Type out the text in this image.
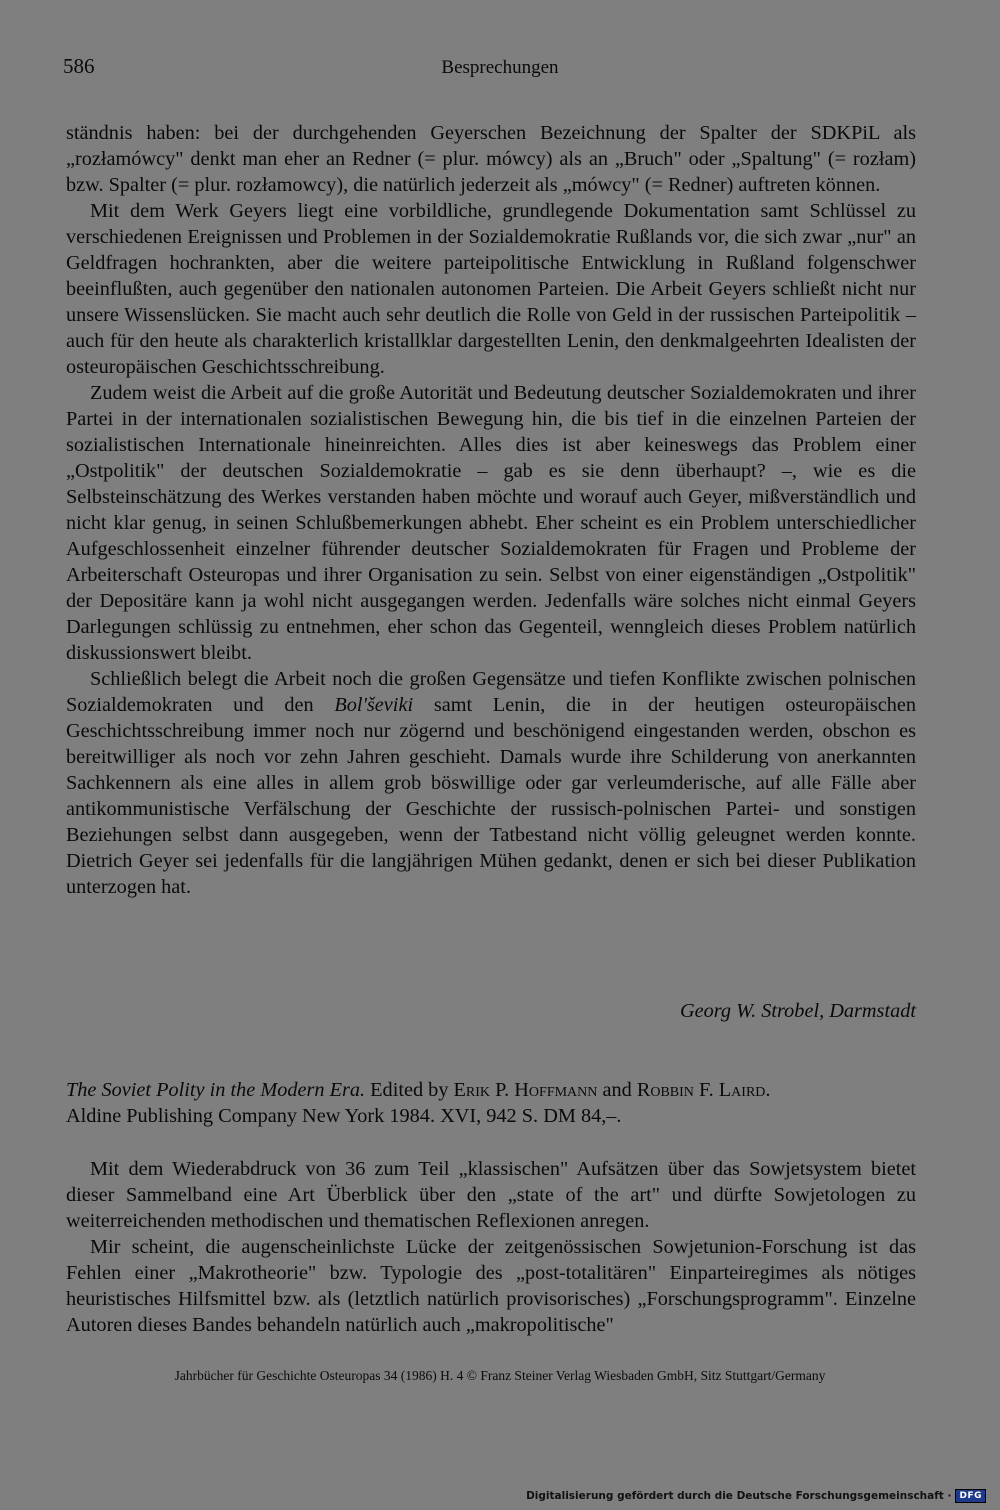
586	Besprechungen

ständnis haben: bei der durchgehenden Geyerschen Bezeichnung der Spalter der SDKPiL als „rozłamówcy" denkt man eher an Redner (= plur. mówcy) als an „Bruch" oder „Spaltung" (= rozłam) bzw. Spalter (= plur. rozłamowcy), die natürlich jederzeit als „mówcy" (= Redner) auftreten können.

Mit dem Werk Geyers liegt eine vorbildliche, grundlegende Dokumentation samt Schlüssel zu verschiedenen Ereignissen und Problemen in der Sozialdemokratie Rußlands vor, die sich zwar „nur" an Geldfragen hochrankten, aber die weitere parteipolitische Entwicklung in Rußland folgenschwer beeinflußten, auch gegenüber den nationalen autonomen Parteien. Die Arbeit Geyers schließt nicht nur unsere Wissenslücken. Sie macht auch sehr deutlich die Rolle von Geld in der russischen Parteipolitik – auch für den heute als charakterlich kristallklar dargestellten Lenin, den denkmalgeehrten Idealisten der osteuropäischen Geschichtsschreibung.

Zudem weist die Arbeit auf die große Autorität und Bedeutung deutscher Sozialdemokraten und ihrer Partei in der internationalen sozialistischen Bewegung hin, die bis tief in die einzelnen Parteien der sozialistischen Internationale hineinreichten. Alles dies ist aber keineswegs das Problem einer „Ostpolitik" der deutschen Sozialdemokratie – gab es sie denn überhaupt? –, wie es die Selbsteinschätzung des Werkes verstanden haben möchte und worauf auch Geyer, mißverständlich und nicht klar genug, in seinen Schlußbemerkungen abhebt. Eher scheint es ein Problem unterschiedlicher Aufgeschlossenheit einzelner führender deutscher Sozialdemokraten für Fragen und Probleme der Arbeiterschaft Osteuropas und ihrer Organisation zu sein. Selbst von einer eigenständigen „Ostpolitik" der Depositäre kann ja wohl nicht ausgegangen werden. Jedenfalls wäre solches nicht einmal Geyers Darlegungen schlüssig zu entnehmen, eher schon das Gegenteil, wenngleich dieses Problem natürlich diskussionswert bleibt.

Schließlich belegt die Arbeit noch die großen Gegensätze und tiefen Konflikte zwischen polnischen Sozialdemokraten und den Bol'ševiki samt Lenin, die in der heutigen osteuropäischen Geschichtsschreibung immer noch nur zögernd und beschönigend eingestanden werden, obschon es bereitwilliger als noch vor zehn Jahren geschieht. Damals wurde ihre Schilderung von anerkannten Sachkennern als eine alles in allem grob böswillige oder gar verleumderische, auf alle Fälle aber antikommunistische Verfälschung der Geschichte der russisch-polnischen Partei- und sonstigen Beziehungen selbst dann ausgegeben, wenn der Tatbestand nicht völlig geleugnet werden konnte. Dietrich Geyer sei jedenfalls für die langjährigen Mühen gedankt, denen er sich bei dieser Publikation unterzogen hat.

Georg W. Strobel, Darmstadt
The Soviet Polity in the Modern Era. Edited by Erik P. Hoffmann and Robbin F. Laird.
Aldine Publishing Company New York 1984. XVI, 942 S. DM 84,–.

Mit dem Wiederabdruck von 36 zum Teil „klassischen" Aufsätzen über das Sowjetsystem bietet dieser Sammelband eine Art Überblick über den „state of the art" und dürfte Sowjetologen zu weiterreichenden methodischen und thematischen Reflexionen anregen.

Mir scheint, die augenscheinlichste Lücke der zeitgenössischen Sowjetunion-Forschung ist das Fehlen einer „Makrotheorie" bzw. Typologie des „post-totalitären" Einparteiregimes als nötiges heuristisches Hilfsmittel bzw. als (letztlich natürlich provisorisches) „Forschungsprogramm". Einzelne Autoren dieses Bandes behandeln natürlich auch „makropolitische"

Jahrbücher für Geschichte Osteuropas 34 (1986) H. 4 © Franz Steiner Verlag Wiesbaden GmbH, Sitz Stuttgart/Germany
Digitalisierung gefördert durch die Deutsche Forschungsgemeinschaft · DFG
